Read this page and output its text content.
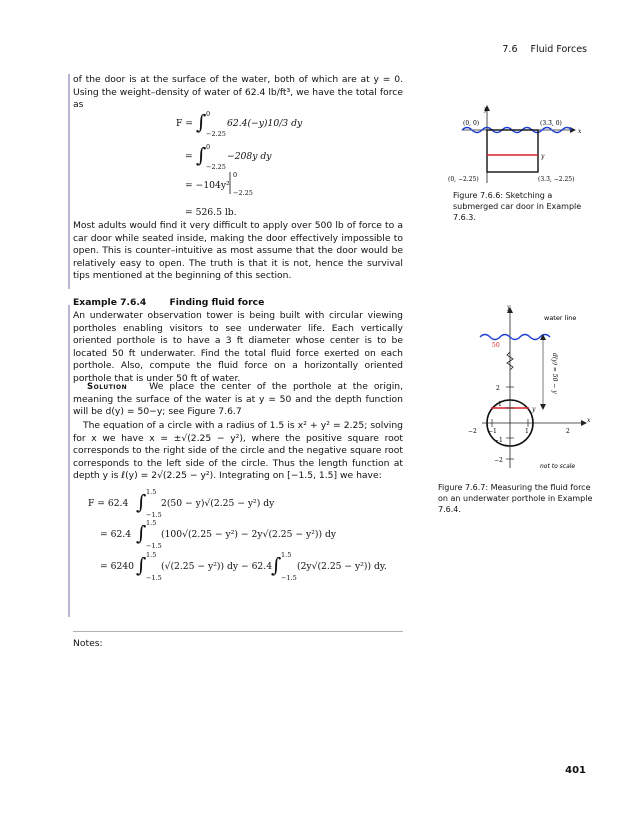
7.6 Fluid Forces
of the door is at the surface of the water, both of which are at y = 0. Using the weight–density of water of 62.4 lb/ft³, we have the total force as
F = ∫ 0
−2.25
62.4(−y)10/3 dy
= ∫ 0
−2.25
−208y dy
= −104y²
0
−2.25
= 526.5 lb.
Most adults would find it very difficult to apply over 500 lb of force to a car door while seated inside, making the door effectively impossible to open. This is counter–intuitive as most assume that the door would be relatively easy to open. The truth is that it is not, hence the survival tips mentioned at the beginning of this section.
Example 7.6.4	Finding fluid force
An underwater observation tower is being built with circular viewing portholes enabling visitors to see underwater life. Each vertically oriented porthole is to have a 3 ft diameter whose center is to be located 50 ft underwater. Find the total fluid force exerted on each porthole. Also, compute the fluid force on a horizontally oriented porthole that is under 50 ft of water.
Solution We place the center of the porthole at the origin, meaning the surface of the water is at y = 50 and the depth function will be d(y) = 50−y; see Figure 7.6.7
The equation of a circle with a radius of 1.5 is x² + y² = 2.25; solving for x we have x = ±√(2.25 − y²), where the positive square root corresponds to the right side of the circle and the negative square root corresponds to the left side of the circle. Thus the length function at depth y is ℓ(y) = 2√(2.25 − y²). Integrating on [−1.5, 1.5] we have:
F = 62.4 ∫ 1.5
−1.5
2(50 − y)√(2.25 − y²) dy
= 62.4 ∫ 1.5
−1.5
(100√(2.25 − y²) − 2y√(2.25 − y²)) dy
= 6240 ∫ 1.5
−1.5
(√(2.25 − y²)) dy − 62.4
∫ 1.5
−1.5
(2y√(2.25 − y²)) dy.
y
x
(0, 0)	(3.3̄, 0)
(0, −2.25)	(3.3̄, −2.25)
y
Figure 7.6.6: Sketching a submerged car door in Example 7.6.3.
y
x
water line
50
2
1
−1
−2
−2 −1	1	2
y
d(y) = 50 − y
not to scale
Figure 7.6.7: Measuring the fluid force on an underwater porthole in Example 7.6.4.
Notes:
401
